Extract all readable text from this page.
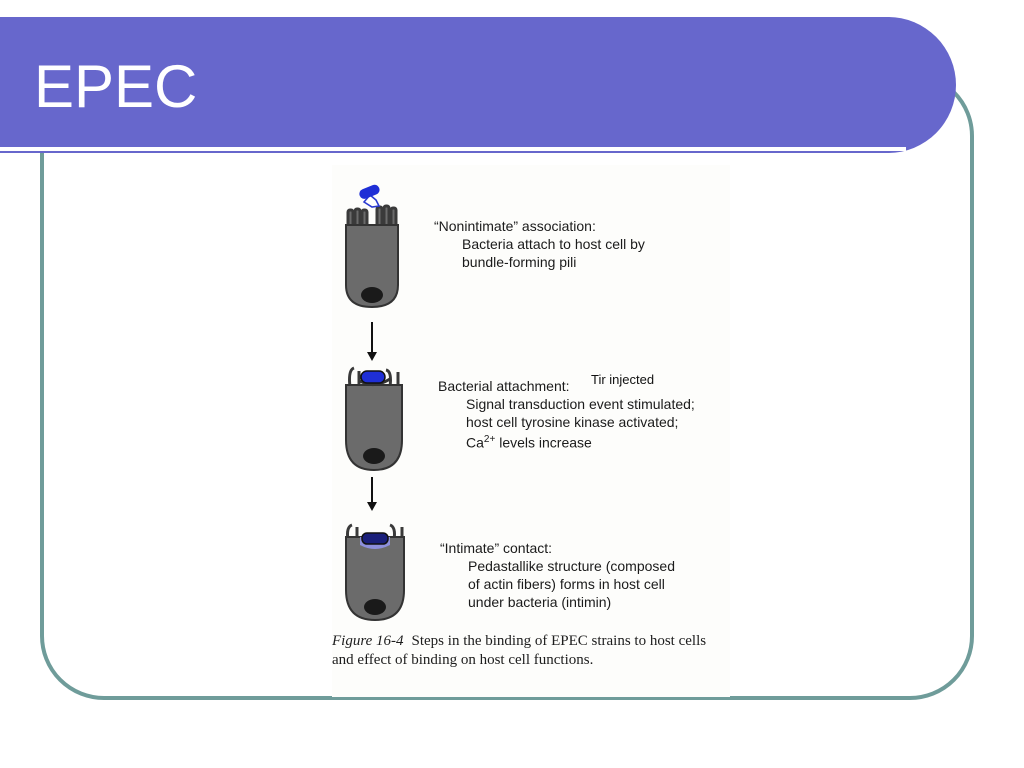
EPEC
“Nonintimate” association:
Bacteria attach to host cell by
bundle-forming pili
Tir injected
Bacterial attachment:
Signal transduction event stimulated;
host cell tyrosine kinase activated;
$Ca^{2+}$ levels increase
“Intimate” contact:
Pedastallike structure (composed
of actin fibers) forms in host cell
under bacteria (intimin)
Figure 16-4 Steps in the binding of EPEC strains to host cells and effect of binding on host cell functions.
